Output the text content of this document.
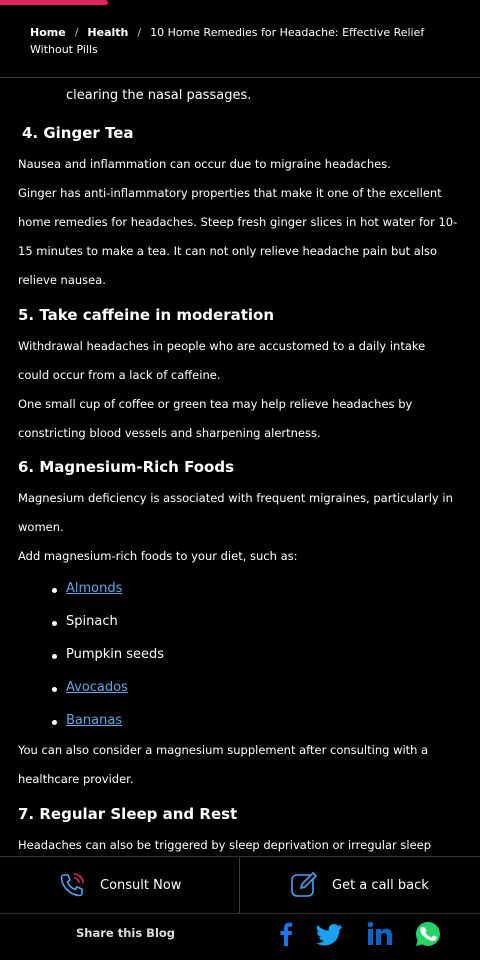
Home / Health / 10 Home Remedies for Headache: Effective Relief Without Pills
clearing the nasal passages.
4. Ginger Tea

Nausea and inflammation can occur due to migraine headaches.

Ginger has anti-inflammatory properties that make it one of the excellent home remedies for headaches. Steep fresh ginger slices in hot water for 10-15 minutes to make a tea. It can not only relieve headache pain but also relieve nausea.

5. Take caffeine in moderation

Withdrawal headaches in people who are accustomed to a daily intake could occur from a lack of caffeine.

One small cup of coffee or green tea may help relieve headaches by constricting blood vessels and sharpening alertness.

6. Magnesium-Rich Foods

Magnesium deficiency is associated with frequent migraines, particularly in women.

Add magnesium-rich foods to your diet, such as:

Almonds
Spinach
Pumpkin seeds
Avocados
Bananas

You can also consider a magnesium supplement after consulting with a healthcare provider.

7. Regular Sleep and Rest

Headaches can also be triggered by sleep deprivation or irregular sleep

Consult Now	Get a call back
Share this Blog
